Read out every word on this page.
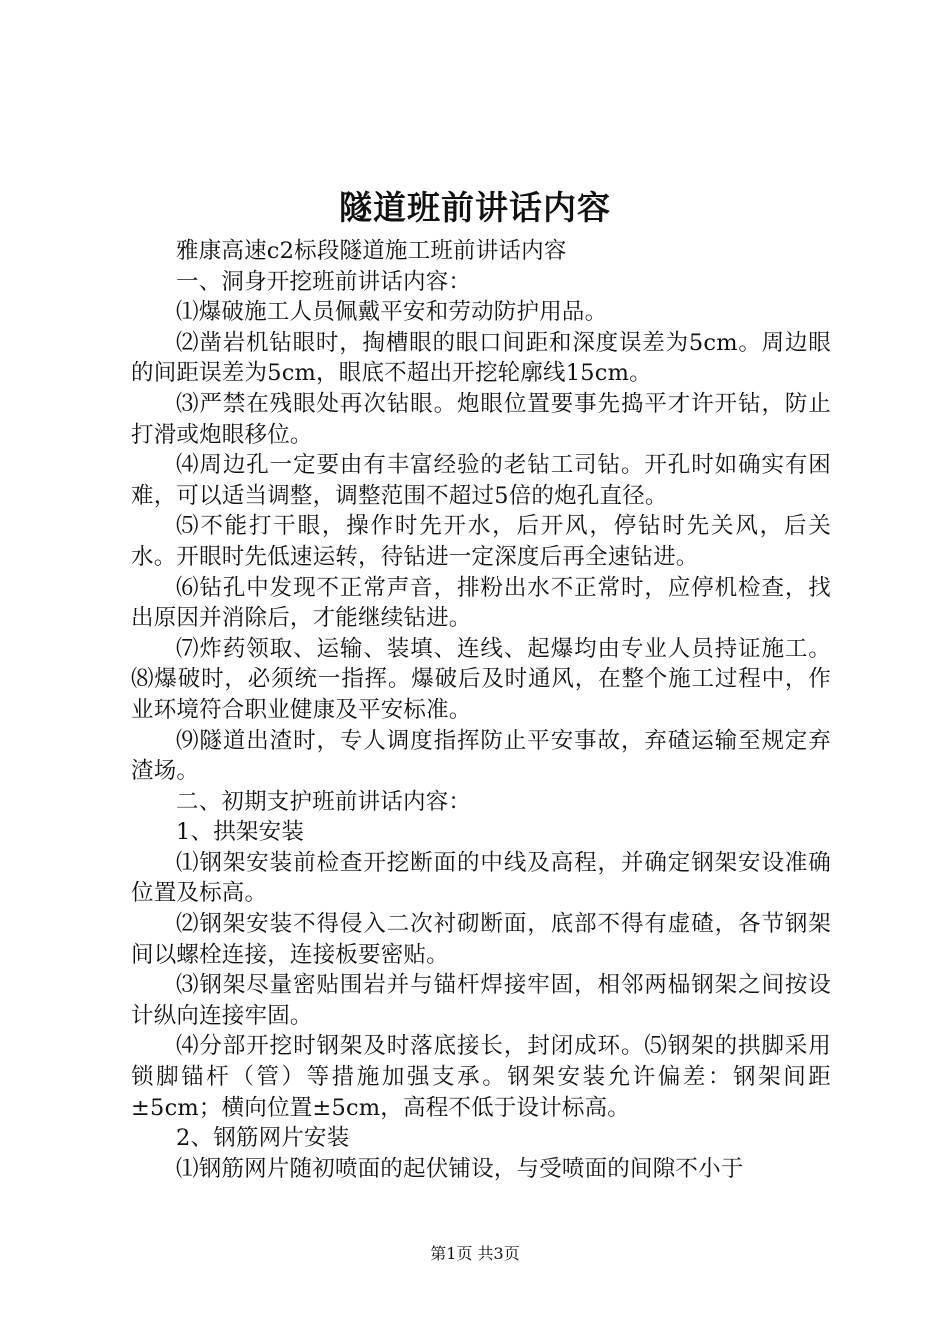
隧道班前讲话内容

雅康高速c2标段隧道施工班前讲话内容

一、洞身开挖班前讲话内容：

⑴爆破施工人员佩戴平安和劳动防护用品。

⑵凿岩机钻眼时，掏槽眼的眼口间距和深度误差为5cm。周边眼的间距误差为5cm，眼底不超出开挖轮廓线15cm。

⑶严禁在残眼处再次钻眼。炮眼位置要事先捣平才许开钻，防止打滑或炮眼移位。

⑷周边孔一定要由有丰富经验的老钻工司钻。开孔时如确实有困难，可以适当调整，调整范围不超过5倍的炮孔直径。

⑸不能打干眼，操作时先开水，后开风，停钻时先关风，后关水。开眼时先低速运转，待钻进一定深度后再全速钻进。

⑹钻孔中发现不正常声音，排粉出水不正常时，应停机检查，找出原因并消除后，才能继续钻进。

⑺炸药领取、运输、装填、连线、起爆均由专业人员持证施工。⑻爆破时，必须统一指挥。爆破后及时通风，在整个施工过程中，作业环境符合职业健康及平安标准。

⑼隧道出渣时，专人调度指挥防止平安事故，弃碴运输至规定弃渣场。

二、初期支护班前讲话内容：

1、拱架安装

⑴钢架安装前检查开挖断面的中线及高程，并确定钢架安设准确位置及标高。

⑵钢架安装不得侵入二次衬砌断面，底部不得有虚碴，各节钢架间以螺栓连接，连接板要密贴。

⑶钢架尽量密贴围岩并与锚杆焊接牢固，相邻两榀钢架之间按设计纵向连接牢固。

⑷分部开挖时钢架及时落底接长，封闭成环。⑸钢架的拱脚采用锁脚锚杆（管）等措施加强支承。钢架安装允许偏差：钢架间距±5cm；横向位置±5cm，高程不低于设计标高。

2、钢筋网片安装

⑴钢筋网片随初喷面的起伏铺设，与受喷面的间隙不小于

第1页 共3页
